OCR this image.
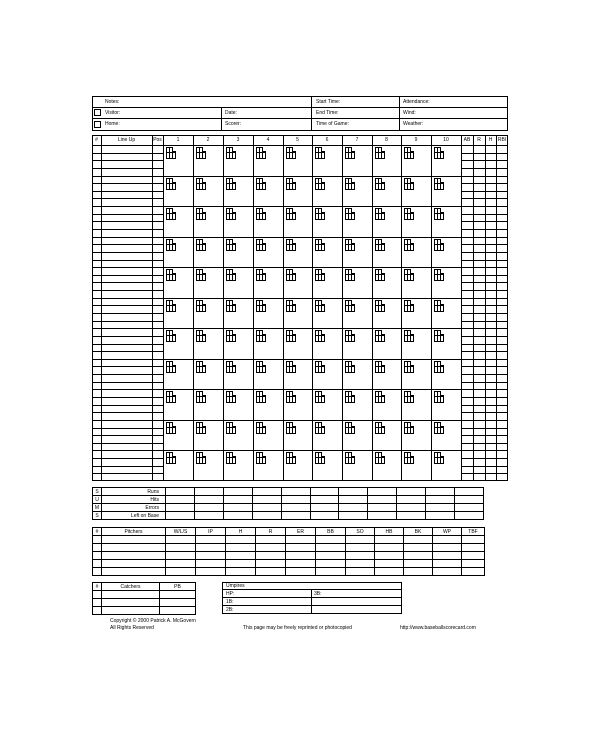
Notes:	Start Time:	Attendance:
Visitor:	Date:	End Time:	Wind:
Home:	Scorer:	Time of Game:	Weather:
#	Line Up	Pos	1	2	3	4	5	6	7	8	9	10	AB	R	H	RBI
S	Runs											
U	Hits											
M	Errors											
S	Left on Base											
#	Pitchers	W/L/S	IP	H	R	ER	BB	SO	HB	BK	WP	TBF

#	Catchers	PB

			Umpires
HP:	3B:
1B:
2B:
Copyright © 2000 Patrick A. McGovern
All Rights Reserved	This page may be freely reprinted or photocopied	http://www.baseballscorecard.com
